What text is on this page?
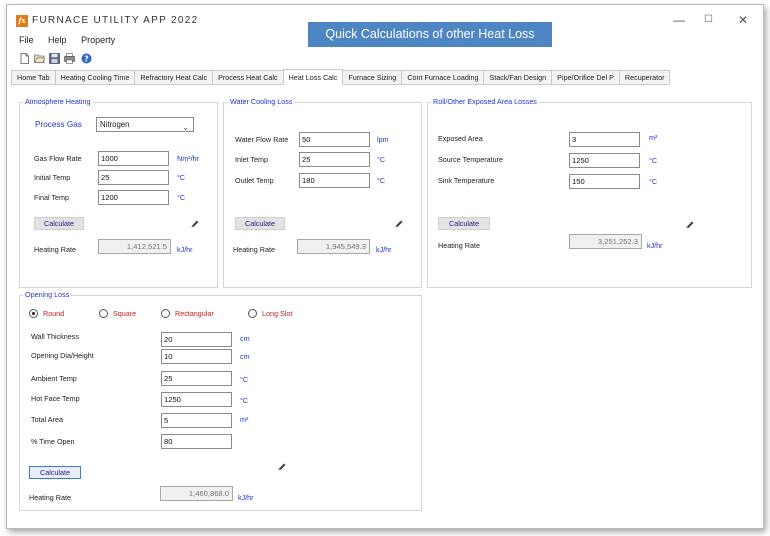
fx FURNACE UTILITY APP 2022	— ☐ ✕
Quick Calculations of other Heat Loss
File Help Property
?
Home Tab	Heating Cooling Time	Refractory Heat Calc	Process Heat Calc	Heat Loss Calc	Furnace Sizing	Cont Furnace Loading	Stack/Fan Design	Pipe/Orifice Del P	Recuperator
Atmosphere Heating
Process Gas	Nitrogen	⌄
Gas Flow Rate	1000	Nm³/hr
Initial Temp	25	°C
Final Temp	1200	°C
Calculate
Heating Rate	1,412,521.5	kJ/hr
Water Cooling Loss
Water Flow Rate	50	lpm
Inlet Temp	25	°C
Outlet Temp	180	°C
Calculate
Heating Rate	1,945,549.3	kJ/hr
Roll/Other Exposed Area Losses
Exposed Area	3	m²
Source Temperature	1250	°C
Sink Temperature	150	°C
Calculate
Heating Rate	3,251,252.3	kJ/hr
Opening Loss
Round	Square	Rectangular	Long Slot
Wall Thickness	20	cm
Opening Dia/Height	10	cm
Ambient Temp	25	°C
Hot Face Temp	1250	°C
Total Area	5	m²
% Time Open	80
Calculate
Heating Rate	1,460,868.0	kJ/hr
